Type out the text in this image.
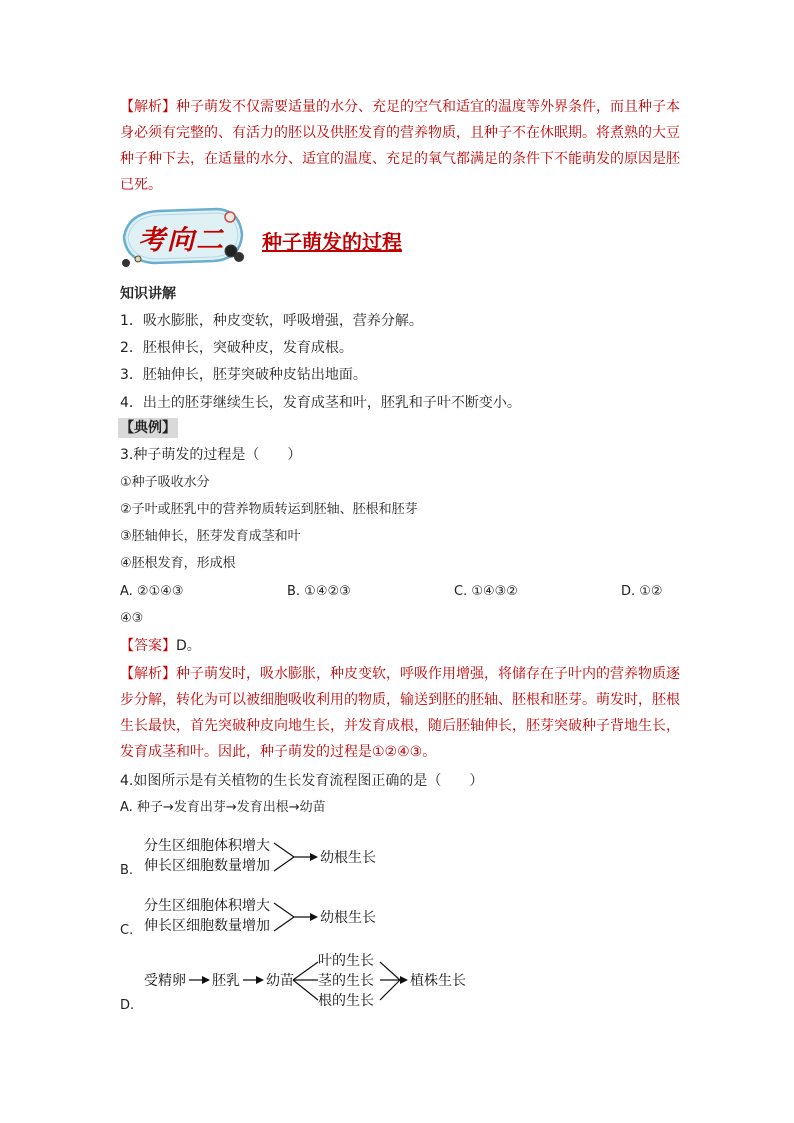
【解析】种子萌发不仅需要适量的水分、充足的空气和适宜的温度等外界条件，而且种子本身必须有完整的、有活力的胚以及供胚发育的营养物质，且种子不在休眠期。将煮熟的大豆种子种下去，在适量的水分、适宜的温度、充足的氧气都满足的条件下不能萌发的原因是胚已死。
考向二 种子萌发的过程
知识讲解
1．吸水膨胀，种皮变软，呼吸增强，营养分解。
2．胚根伸长，突破种皮，发育成根。
3．胚轴伸长，胚芽突破种皮钻出地面。
4．出土的胚芽继续生长，发育成茎和叶，胚乳和子叶不断变小。
【典例】
3.种子萌发的过程是（　　）
①种子吸收水分
②子叶或胚乳中的营养物质转运到胚轴、胚根和胚芽
③胚轴伸长，胚芽发育成茎和叶
④胚根发育，形成根
A. ②①④③	B. ①④②③	C. ①④③②	D. ①②
④③
【答案】D。
【解析】种子萌发时，吸水膨胀，种皮变软，呼吸作用增强，将储存在子叶内的营养物质逐步分解，转化为可以被细胞吸收利用的物质，输送到胚的胚轴、胚根和胚芽。萌发时，胚根生长最快，首先突破种皮向地生长，并发育成根，随后胚轴伸长，胚芽突破种子背地生长，发育成茎和叶。因此，种子萌发的过程是①②④③。
4.如图所示是有关植物的生长发育流程图正确的是（　　）
A. 种子→发育出芽→发育出根→幼苗
B.
分生区细胞体积增大
伸长区细胞数量增加	幼根生长
C.
分生区细胞体积增大
伸长区细胞数量增加	幼根生长
D.
受精卵 胚乳 幼苗
叶的生长
茎的生长
根的生长
植株生长
